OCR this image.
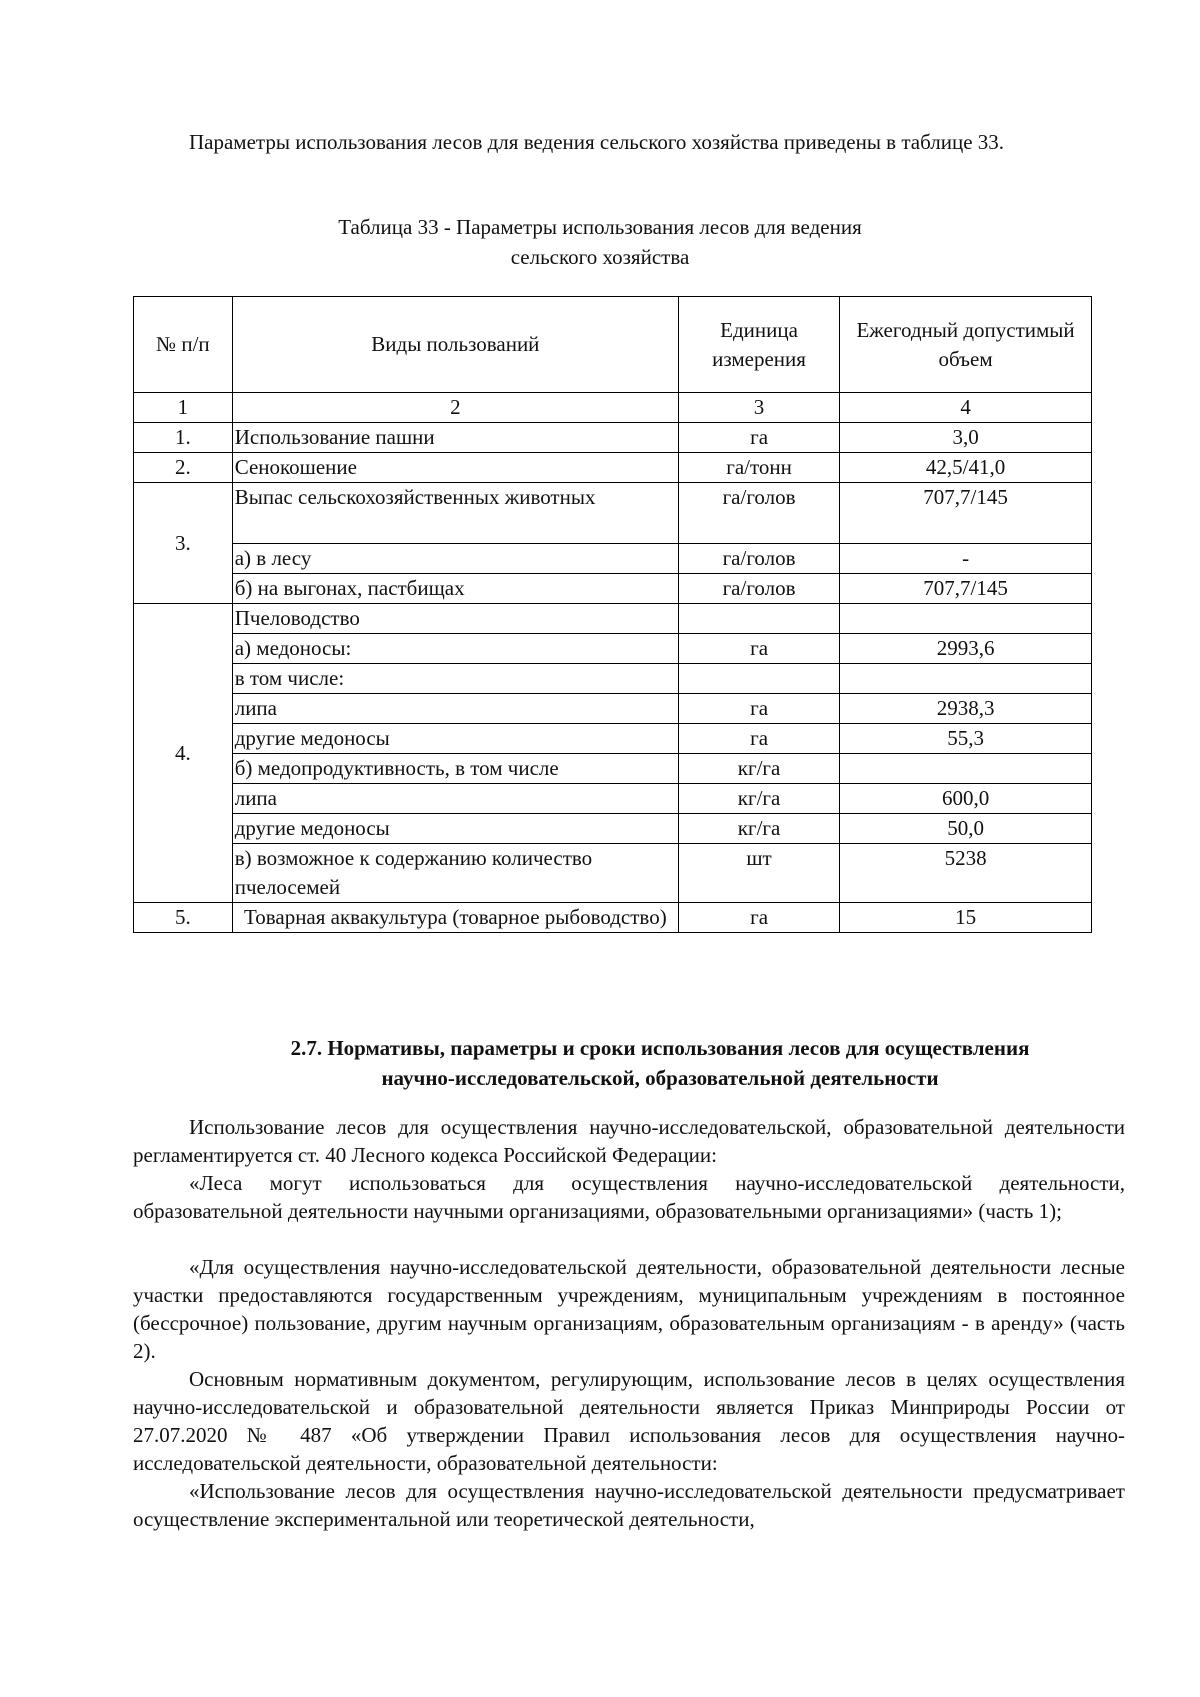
Параметры использования лесов для ведения сельского хозяйства приведены в таблице 33.

Таблица 33 - Параметры использования лесов для ведения
сельского хозяйства
№ п/п	Виды пользований	Единица измерения	Ежегодный допустимый объем
1	2	3	4
1.	Использование пашни	га	3,0
2.	Сенокошение	га/тонн	42,5/41,0
3.	Выпас сельскохозяйственных животных	га/голов	707,7/145
	а) в лесу	га/голов	-
	б) на выгонах, пастбищах	га/голов	707,7/145
4.	Пчеловодство		
	а) медоносы:	га	2993,6
	в том числе:		
	липа	га	2938,3
	другие медоносы	га	55,3
	б) медопродуктивность, в том числе	кг/га	
	липа	кг/га	600,0
	другие медоносы	кг/га	50,0
	в) возможное к содержанию количество пчелосемей	шт	5238
5.	Товарная аквакультура (товарное рыбоводство)	га	15
2.7. Нормативы, параметры и сроки использования лесов для осуществления
научно-исследовательской, образовательной деятельности

Использование лесов для осуществления научно-исследовательской, образовательной деятельности регламентируется ст. 40 Лесного кодекса Российской Федерации:

«Леса могут использоваться для осуществления научно-исследовательской деятельности, образовательной деятельности научными организациями, образовательными организациями» (часть 1);

«Для осуществления научно-исследовательской деятельности, образовательной деятельности лесные участки предоставляются государственным учреждениям, муниципальным учреждениям в постоянное (бессрочное) пользование, другим научным организациям, образовательным организациям - в аренду» (часть 2).

Основным нормативным документом, регулирующим, использование лесов в целях осуществления научно-исследовательской и образовательной деятельности является Приказ Минприроды России от 27.07.2020 № 487 «Об утверждении Правил использования лесов для осуществления научно-исследовательской деятельности, образовательной деятельности:

«Использование лесов для осуществления научно-исследовательской деятельности предусматривает осуществление экспериментальной или теоретической деятельности,
